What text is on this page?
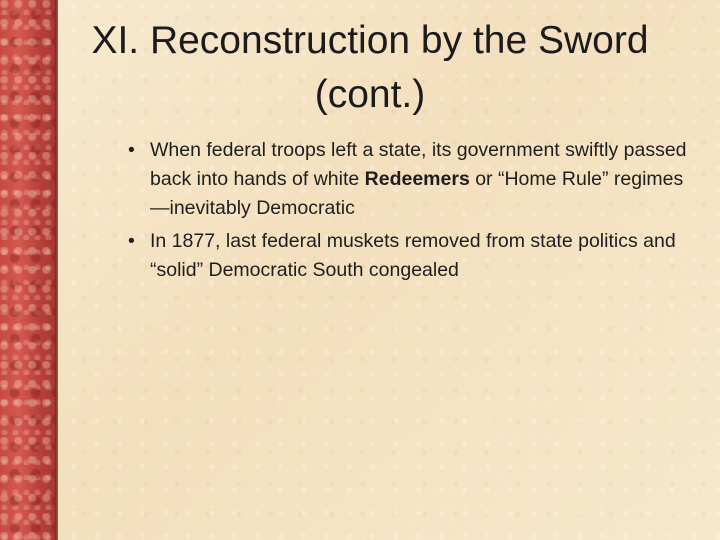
XI. Reconstruction by the Sword
(cont.)
• When federal troops left a state, its government swiftly passed back into hands of white Redeemers or “Home Rule” regimes—inevitably Democratic
• In 1877, last federal muskets removed from state politics and “solid” Democratic South congealed
